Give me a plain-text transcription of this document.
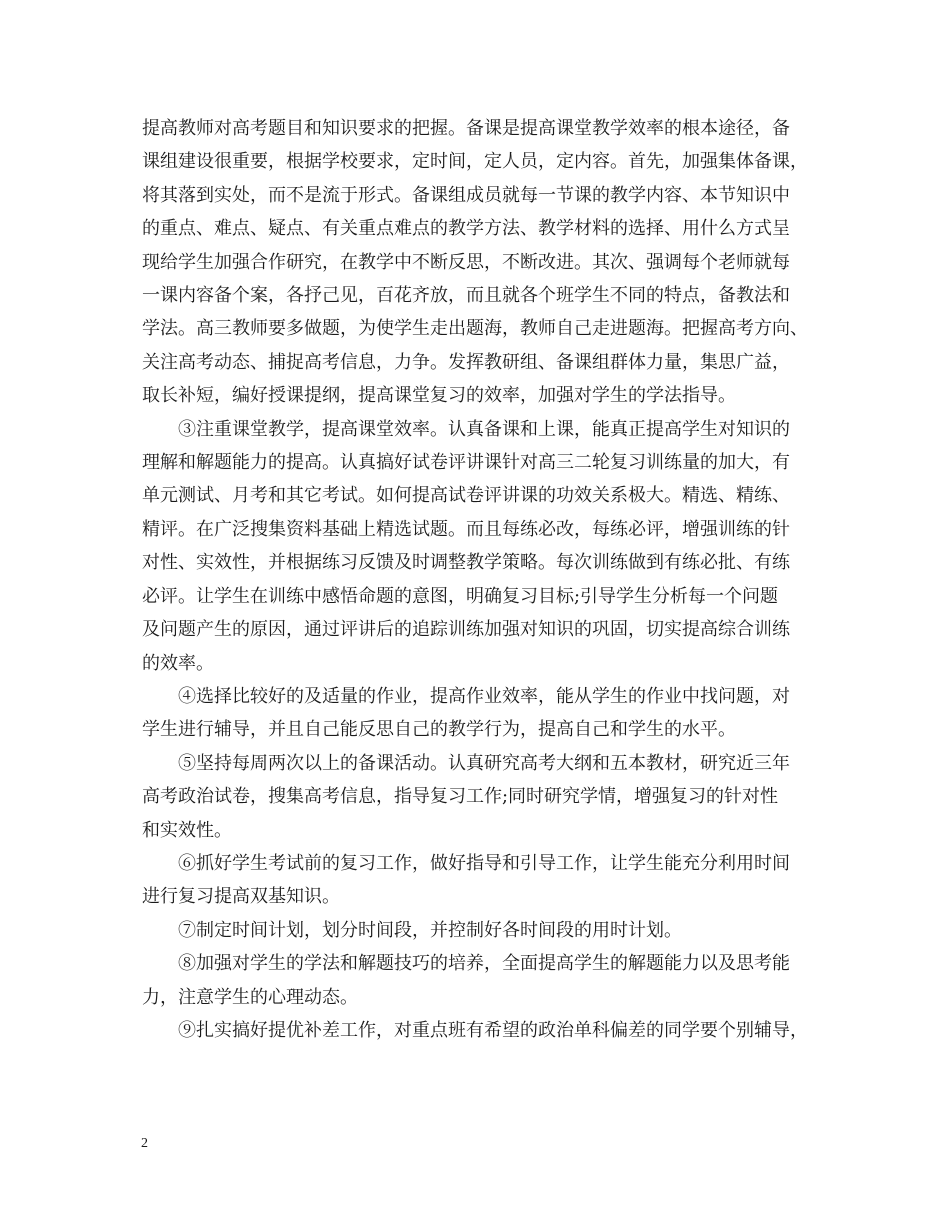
提高教师对高考题目和知识要求的把握。备课是提高课堂教学效率的根本途径，备
课组建设很重要，根据学校要求，定时间，定人员，定内容。首先，加强集体备课，
将其落到实处，而不是流于形式。备课组成员就每一节课的教学内容、本节知识中
的重点、难点、疑点、有关重点难点的教学方法、教学材料的选择、用什么方式呈
现给学生加强合作研究，在教学中不断反思，不断改进。其次、强调每个老师就每
一课内容备个案，各抒己见，百花齐放，而且就各个班学生不同的特点，备教法和
学法。高三教师要多做题，为使学生走出题海，教师自己走进题海。把握高考方向、
关注高考动态、捕捉高考信息，力争。发挥教研组、备课组群体力量，集思广益，
取长补短，编好授课提纲，提高课堂复习的效率，加强对学生的学法指导。

③注重课堂教学，提高课堂效率。认真备课和上课，能真正提高学生对知识的
理解和解题能力的提高。认真搞好试卷评讲课针对高三二轮复习训练量的加大，有
单元测试、月考和其它考试。如何提高试卷评讲课的功效关系极大。精选、精练、
精评。在广泛搜集资料基础上精选试题。而且每练必改，每练必评，增强训练的针
对性、实效性，并根据练习反馈及时调整教学策略。每次训练做到有练必批、有练
必评。让学生在训练中感悟命题的意图，明确复习目标;引导学生分析每一个问题
及问题产生的原因，通过评讲后的追踪训练加强对知识的巩固，切实提高综合训练
的效率。

④选择比较好的及适量的作业，提高作业效率，能从学生的作业中找问题，对
学生进行辅导，并且自己能反思自己的教学行为，提高自己和学生的水平。

⑤坚持每周两次以上的备课活动。认真研究高考大纲和五本教材，研究近三年
高考政治试卷，搜集高考信息，指导复习工作;同时研究学情，增强复习的针对性
和实效性。

⑥抓好学生考试前的复习工作，做好指导和引导工作，让学生能充分利用时间
进行复习提高双基知识。

⑦制定时间计划，划分时间段，并控制好各时间段的用时计划。

⑧加强对学生的学法和解题技巧的培养，全面提高学生的解题能力以及思考能
力，注意学生的心理动态。

⑨扎实搞好提优补差工作，对重点班有希望的政治单科偏差的同学要个别辅导，

2
